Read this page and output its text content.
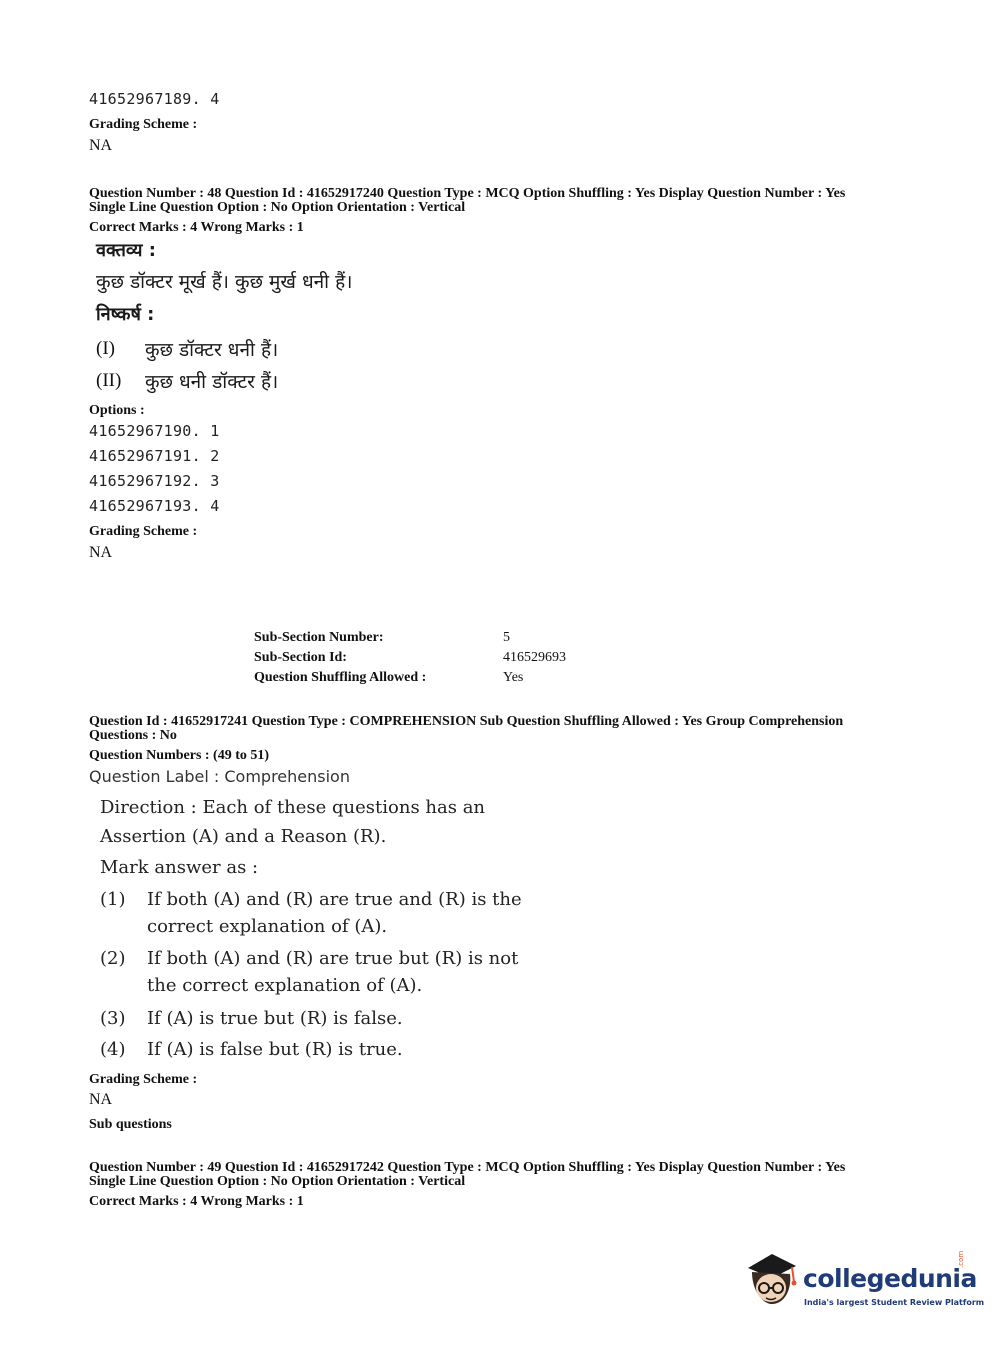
41652967189. 4
Grading Scheme :
NA
Question Number : 48 Question Id : 41652917240 Question Type : MCQ Option Shuffling : Yes Display Question Number : Yes
Single Line Question Option : No Option Orientation : Vertical
Correct Marks : 4 Wrong Marks : 1
वक्तव्य :
कुछ डॉक्टर मूर्ख हैं। कुछ मुर्ख धनी हैं।
निष्कर्ष :
(I) कुछ डॉक्टर धनी हैं।
(II) कुछ धनी डॉक्टर हैं।
Options :
41652967190. 1
41652967191. 2
41652967192. 3
41652967193. 4
Grading Scheme :
NA
Sub-Section Number:	5
Sub-Section Id:	416529693
Question Shuffling Allowed :	Yes
Question Id : 41652917241 Question Type : COMPREHENSION Sub Question Shuffling Allowed : Yes Group Comprehension
Questions : No
Question Numbers : (49 to 51)
Question Label : Comprehension
Direction : Each of these questions has an
Assertion (A) and a Reason (R).
Mark answer as :
(1) If both (A) and (R) are true and (R) is the
correct explanation of (A).
(2) If both (A) and (R) are true but (R) is not
the correct explanation of (A).
(3) If (A) is true but (R) is false.
(4) If (A) is false but (R) is true.
Grading Scheme :
NA
Sub questions
Question Number : 49 Question Id : 41652917242 Question Type : MCQ Option Shuffling : Yes Display Question Number : Yes
Single Line Question Option : No Option Orientation : Vertical
Correct Marks : 4 Wrong Marks : 1
collegedunia
.com
India's largest Student Review Platform
